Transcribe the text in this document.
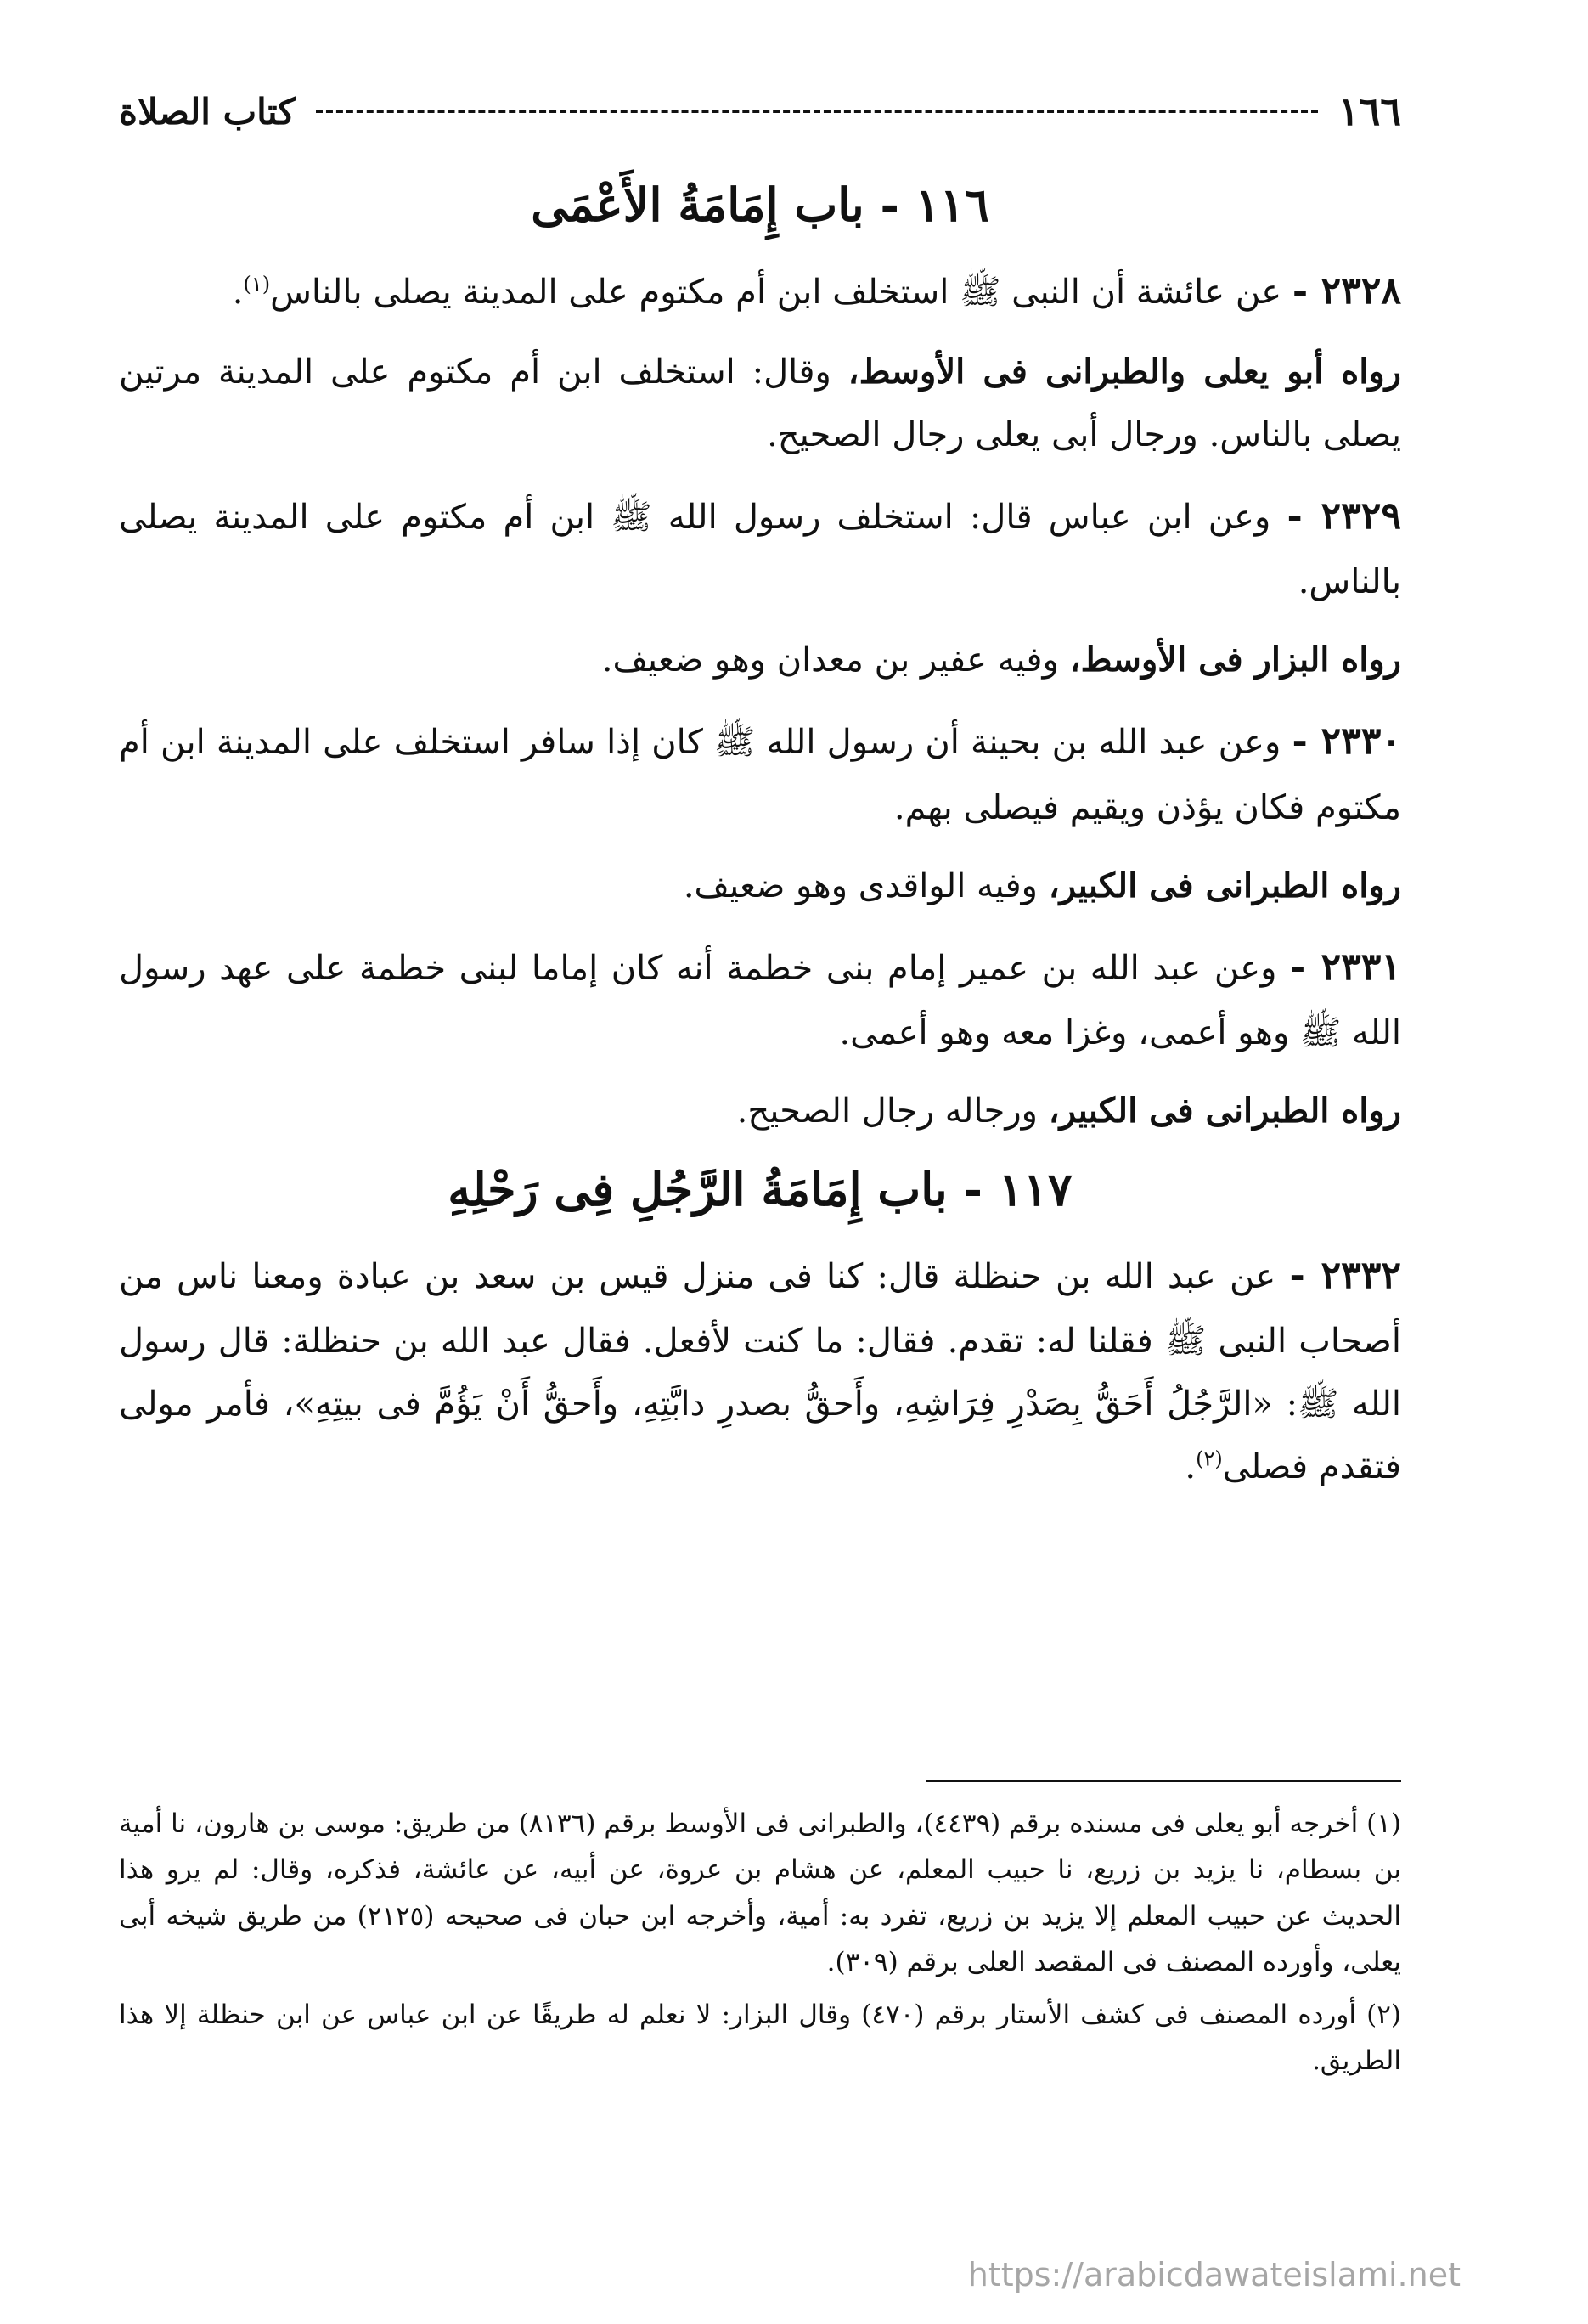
١٦٦
كتاب الصلاة
١١٦ - باب إِمَامَةُ الأَعْمَى

٢٣٢٨ - عن عائشة أن النبى ﷺ استخلف ابن أم مكتوم على المدينة يصلى بالناس$^{(١)}$.

رواه أبو يعلى والطبرانى فى الأوسط، وقال: استخلف ابن أم مكتوم على المدينة مرتين يصلى بالناس. ورجال أبى يعلى رجال الصحيح.

٢٣٢٩ - وعن ابن عباس قال: استخلف رسول الله ﷺ ابن أم مكتوم على المدينة يصلى بالناس.

رواه البزار فى الأوسط، وفيه عفير بن معدان وهو ضعيف.

٢٣٣٠ - وعن عبد الله بن بحينة أن رسول الله ﷺ كان إذا سافر استخلف على المدينة ابن أم مكتوم فكان يؤذن ويقيم فيصلى بهم.

رواه الطبرانى فى الكبير، وفيه الواقدى وهو ضعيف.

٢٣٣١ - وعن عبد الله بن عمير إمام بنى خطمة أنه كان إماما لبنى خطمة على عهد رسول الله ﷺ وهو أعمى، وغزا معه وهو أعمى.

رواه الطبرانى فى الكبير، ورجاله رجال الصحيح.

١١٧ - باب إِمَامَةُ الرَّجُلِ فِى رَحْلِهِ

٢٣٣٢ - عن عبد الله بن حنظلة قال: كنا فى منزل قيس بن سعد بن عبادة ومعنا ناس من أصحاب النبى ﷺ فقلنا له: تقدم. فقال: ما كنت لأفعل. فقال عبد الله بن حنظلة: قال رسول الله ﷺ: «الرَّجُلُ أَحَقُّ بِصَدْرِ فِرَاشِهِ، وأَحقُّ بصدرِ دابَّتِهِ، وأَحقُّ أَنْ يَؤُمَّ فى بيتِهِ»، فأمر مولى فتقدم فصلى$^{(٢)}$.

(١) أخرجه أبو يعلى فى مسنده برقم (٤٤٣٩)، والطبرانى فى الأوسط برقم (٨١٣٦) من طريق: موسى بن هارون، نا أمية بن بسطام، نا يزيد بن زريع، نا حبيب المعلم، عن هشام بن عروة، عن أبيه، عن عائشة، فذكره، وقال: لم يرو هذا الحديث عن حبيب المعلم إلا يزيد بن زريع، تفرد به: أمية، وأخرجه ابن حبان فى صحيحه (٢١٢٥) من طريق شيخه أبى يعلى، وأورده المصنف فى المقصد العلى برقم (٣٠٩).

(٢) أورده المصنف فى كشف الأستار برقم (٤٧٠) وقال البزار: لا نعلم له طريقًا عن ابن عباس عن ابن حنظلة إلا هذا الطريق.

https://arabicdawateislami.net
